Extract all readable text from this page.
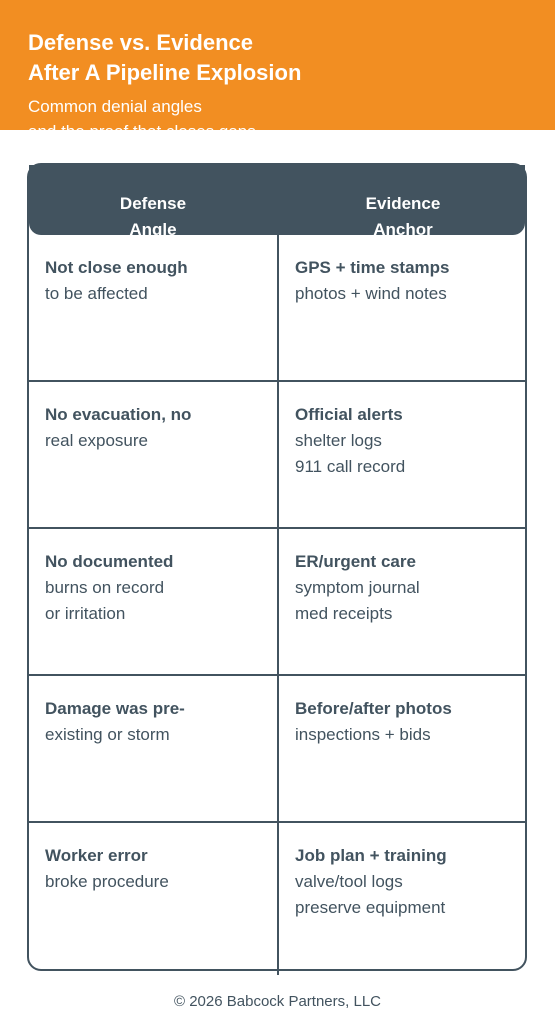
Defense vs. Evidence
After A Pipeline Explosion
Common denial angles
and the proof that closes gaps
Defense
Angle
Evidence
Anchor
Not close enough
to be affected
GPS + time stamps
photos + wind notes
No evacuation, no
real exposure
Official alerts
shelter logs
911 call record
No documented
burns on record
or irritation
ER/urgent care
symptom journal
med receipts
Damage was pre-
existing or storm
Before/after photos
inspections + bids
Worker error
broke procedure
Job plan + training
valve/tool logs
preserve equipment
© 2026 Babcock Partners, LLC
